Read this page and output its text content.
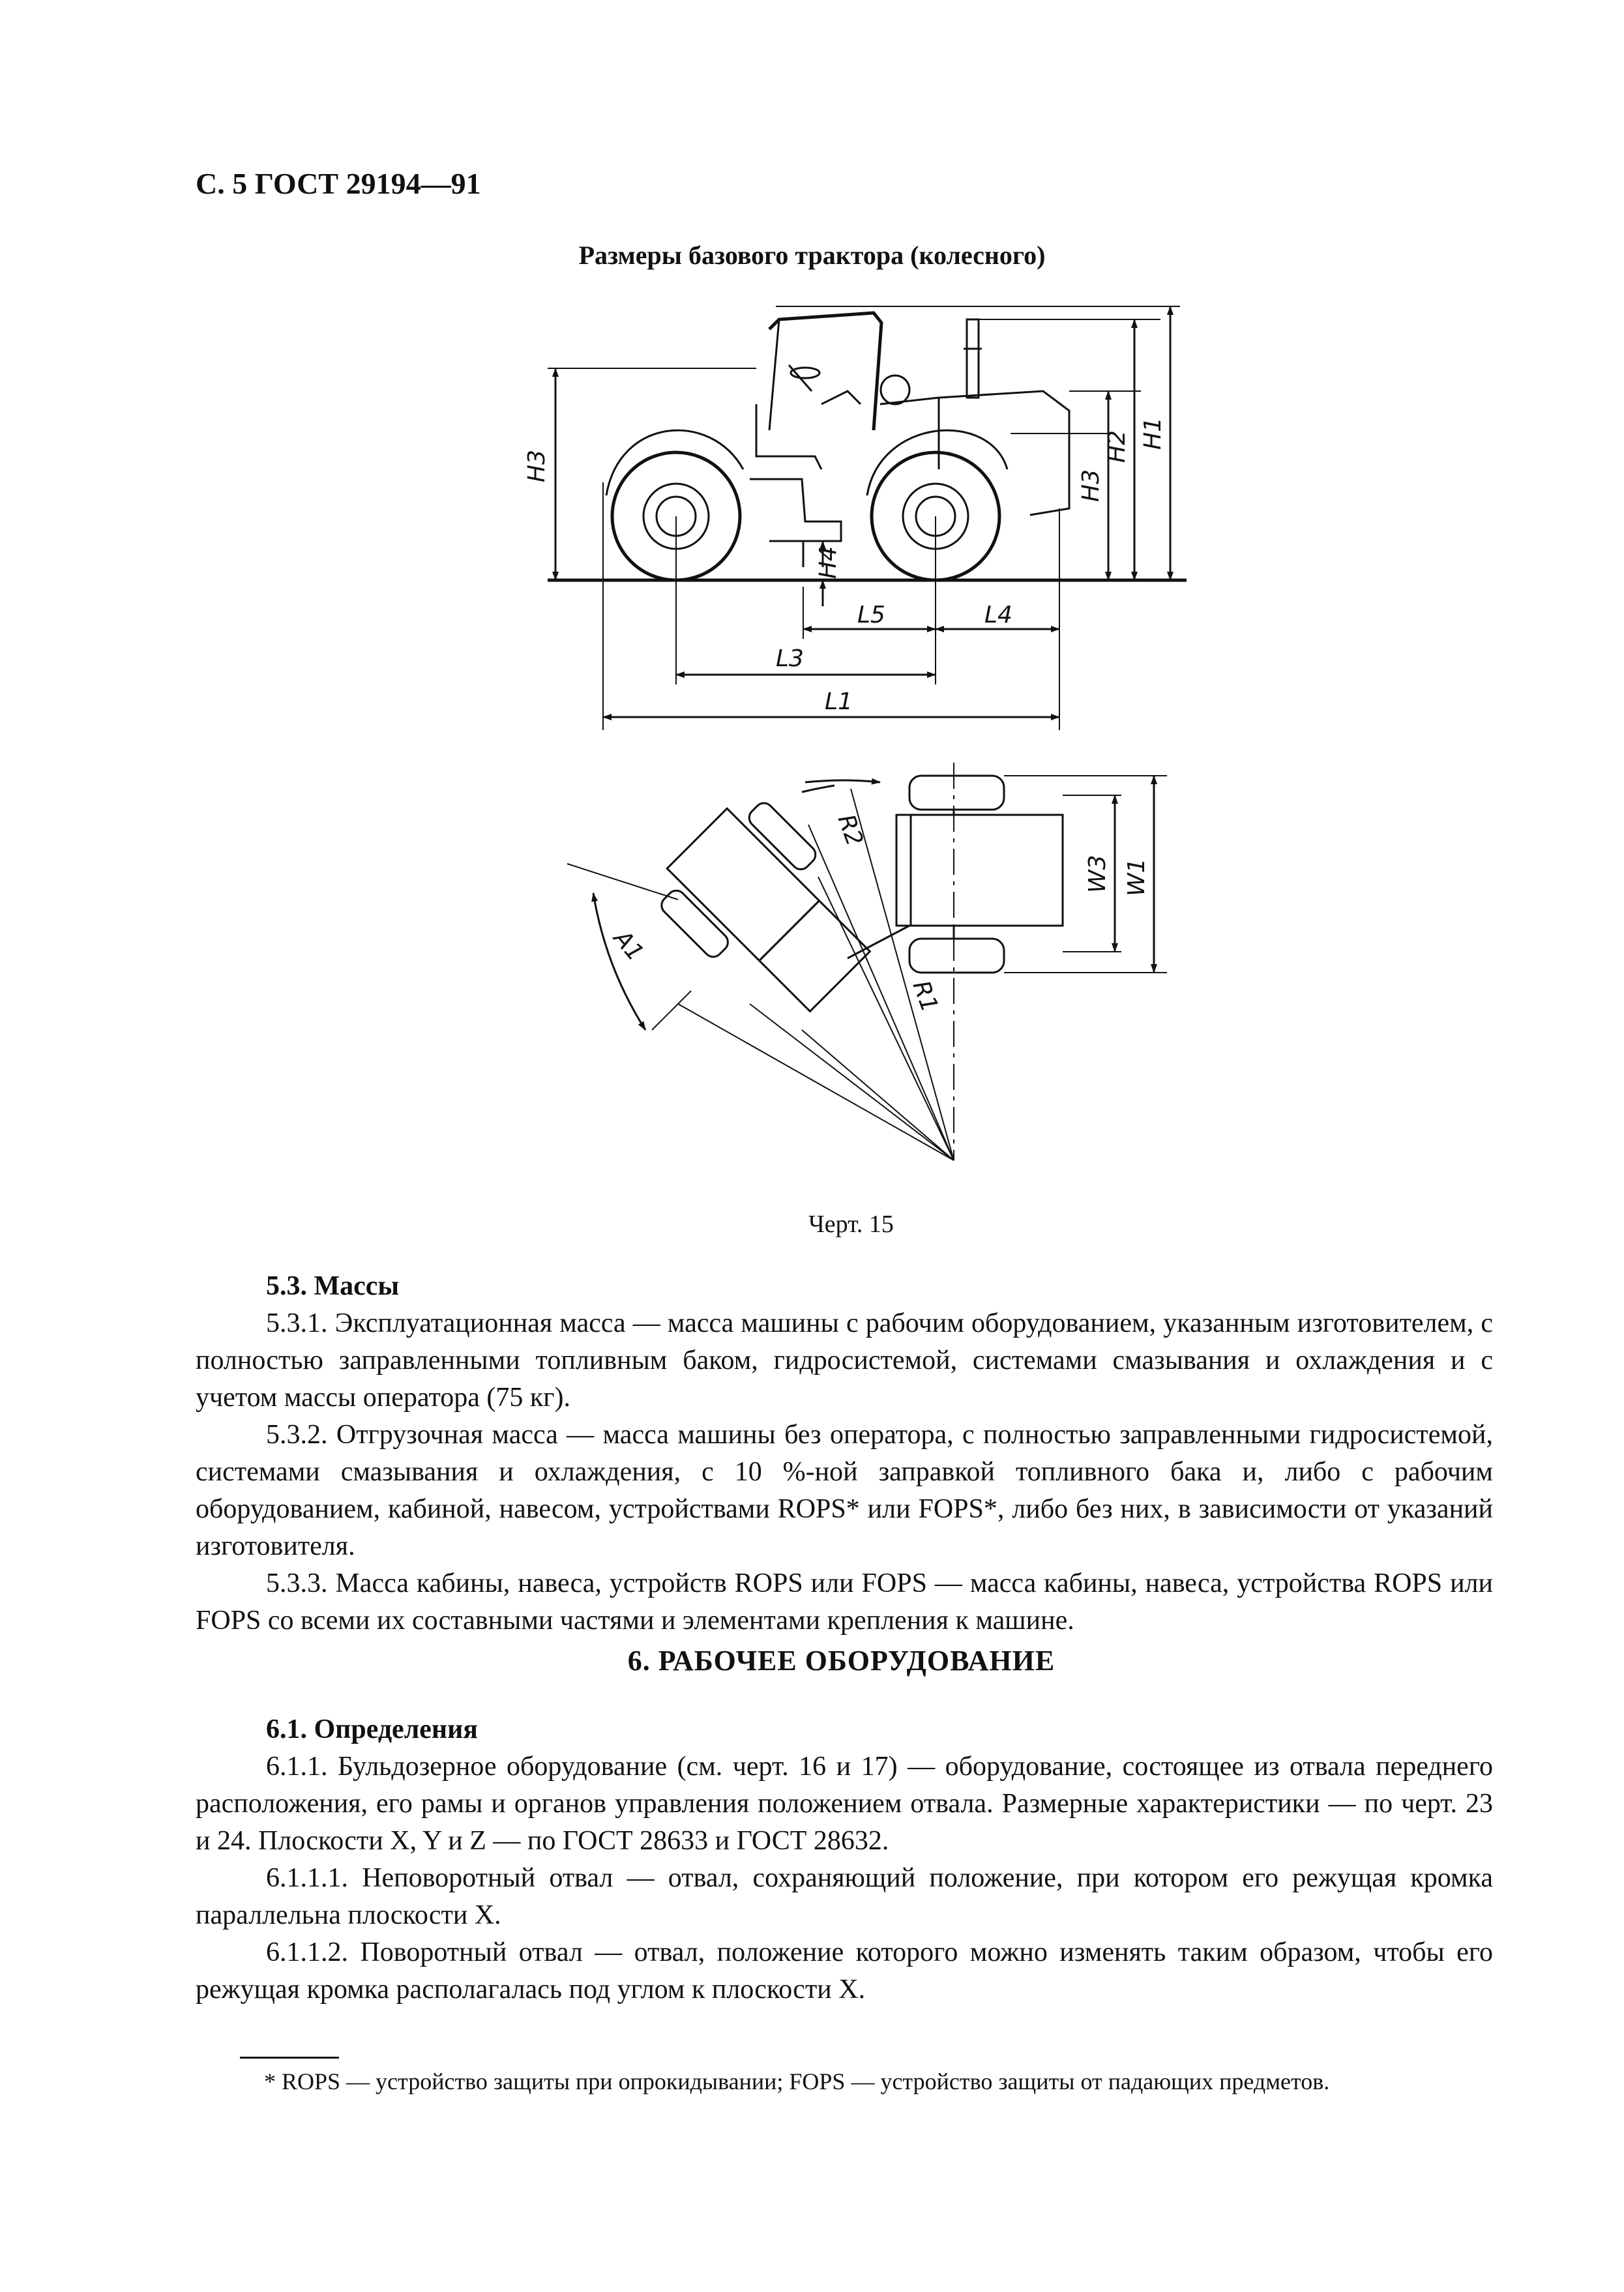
С. 5 ГОСТ 29194—91
Размеры базового трактора (колесного)
H3
H3
H2 H1
H4
L5	L4
L3
L1
W3 W1
R2
R1
A1
Черт. 15

5.3. Массы

5.3.1. Эксплуатационная масса — масса машины с рабочим оборудованием, указанным изготовителем, с полностью заправленными топливным баком, гидросистемой, системами смазывания и охлаждения и с учетом массы оператора (75 кг).

5.3.2. Отгрузочная масса — масса машины без оператора, с полностью заправленными гидросистемой, системами смазывания и охлаждения, с 10 %-ной заправкой топливного бака и, либо с рабочим оборудованием, кабиной, навесом, устройствами ROPS* или FOPS*, либо без них, в зависимости от указаний изготовителя.

5.3.3. Масса кабины, навеса, устройств ROPS или FOPS — масса кабины, навеса, устройства ROPS или FOPS со всеми их составными частями и элементами крепления к машине.

6. РАБОЧЕЕ ОБОРУДОВАНИЕ

6.1. Определения

6.1.1. Бульдозерное оборудование (см. черт. 16 и 17) — оборудование, состоящее из отвала переднего расположения, его рамы и органов управления положением отвала. Размерные характеристики — по черт. 23 и 24. Плоскости X, Y и Z — по ГОСТ 28633 и ГОСТ 28632.

6.1.1.1. Неповоротный отвал — отвал, сохраняющий положение, при котором его режущая кромка параллельна плоскости X.

6.1.1.2. Поворотный отвал — отвал, положение которого можно изменять таким образом, чтобы его режущая кромка располагалась под углом к плоскости X.

* ROPS — устройство защиты при опрокидывании; FOPS — устройство защиты от падающих предметов.
